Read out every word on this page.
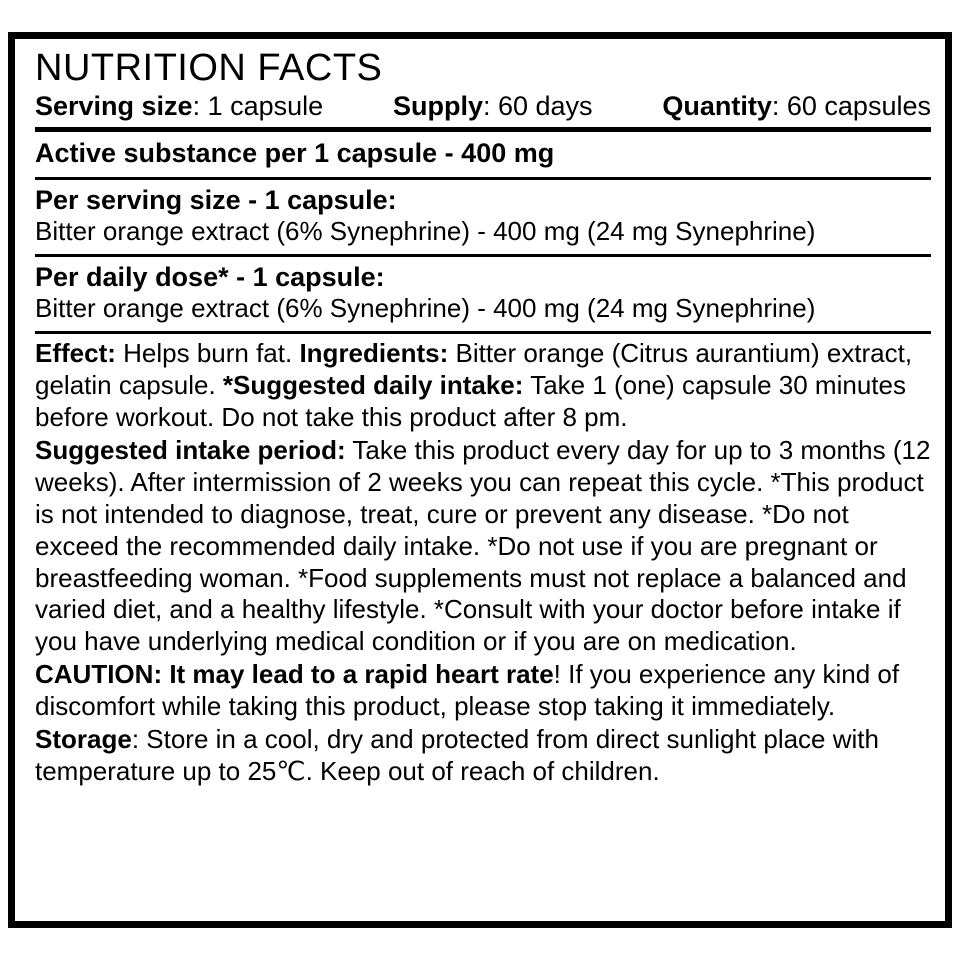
NUTRITION FACTS
Serving size: 1 capsule	Supply: 60 days	Quantity: 60 capsules
Active substance per 1 capsule - 400 mg
Per serving size - 1 capsule:
Bitter orange extract (6% Synephrine) - 400 mg (24 mg Synephrine)
Per daily dose* - 1 capsule:
Bitter orange extract (6% Synephrine) - 400 mg (24 mg Synephrine)
Effect: Helps burn fat. Ingredients: Bitter orange (Citrus aurantium) extract, gelatin capsule. *Suggested daily intake: Take 1 (one) capsule 30 minutes before workout. Do not take this product after 8 pm.
Suggested intake period: Take this product every day for up to 3 months (12 weeks). After intermission of 2 weeks you can repeat this cycle. *This product is not intended to diagnose, treat, cure or prevent any disease. *Do not exceed the recommended daily intake. *Do not use if you are pregnant or breastfeeding woman. *Food supplements must not replace a balanced and varied diet, and a healthy lifestyle. *Consult with your doctor before intake if you have underlying medical condition or if you are on medication.
CAUTION: It may lead to a rapid heart rate! If you experience any kind of discomfort while taking this product, please stop taking it immediately.
Storage: Store in a cool, dry and protected from direct sunlight place with temperature up to 25℃. Keep out of reach of children.
